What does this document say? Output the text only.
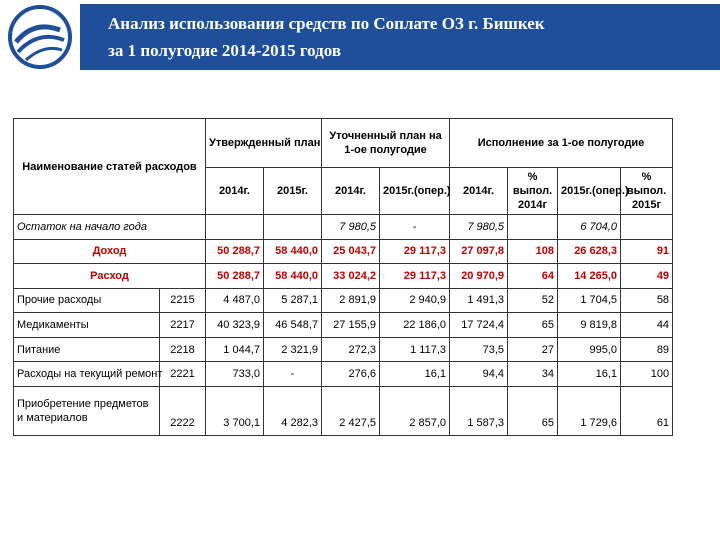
Анализ использования средств по Cоплате ОЗ г. Бишкек
за 1 полугодие 2014-2015 годов
Наименование статей расходов		Утвержденный план		Уточненный план на 1-ое полугодие		Исполнение за 1-ое полугодие			
		2014г.	2015г.	2014г.	2015г.(опер.)	2014г.	% выпол. 2014г	2015г.(опер.)	% выпол. 2015г
Остаток на начало года				7 980,5	-	7 980,5		6 704,0	
Доход		50 288,7	58 440,0	25 043,7	29 117,3	27 097,8	108	26 628,3	91
Расход		50 288,7	58 440,0	33 024,2	29 117,3	20 970,9	64	14 265,0	49
Прочие расходы	2215	4 487,0	5 287,1	2 891,9	2 940,9	1 491,3	52	1 704,5	58
Медикаменты	2217	40 323,9	46 548,7	27 155,9	22 186,0	17 724,4	65	9 819,8	44
Питание	2218	1 044,7	2 321,9	272,3	1 117,3	73,5	27	995,0	89
Расходы на текущий ремонт	2221	733,0	-	276,6	16,1	94,4	34	16,1	100
Приобретение предметов и материалов	2222	3 700,1	4 282,3	2 427,5	2 857,0	1 587,3	65	1 729,6	61
